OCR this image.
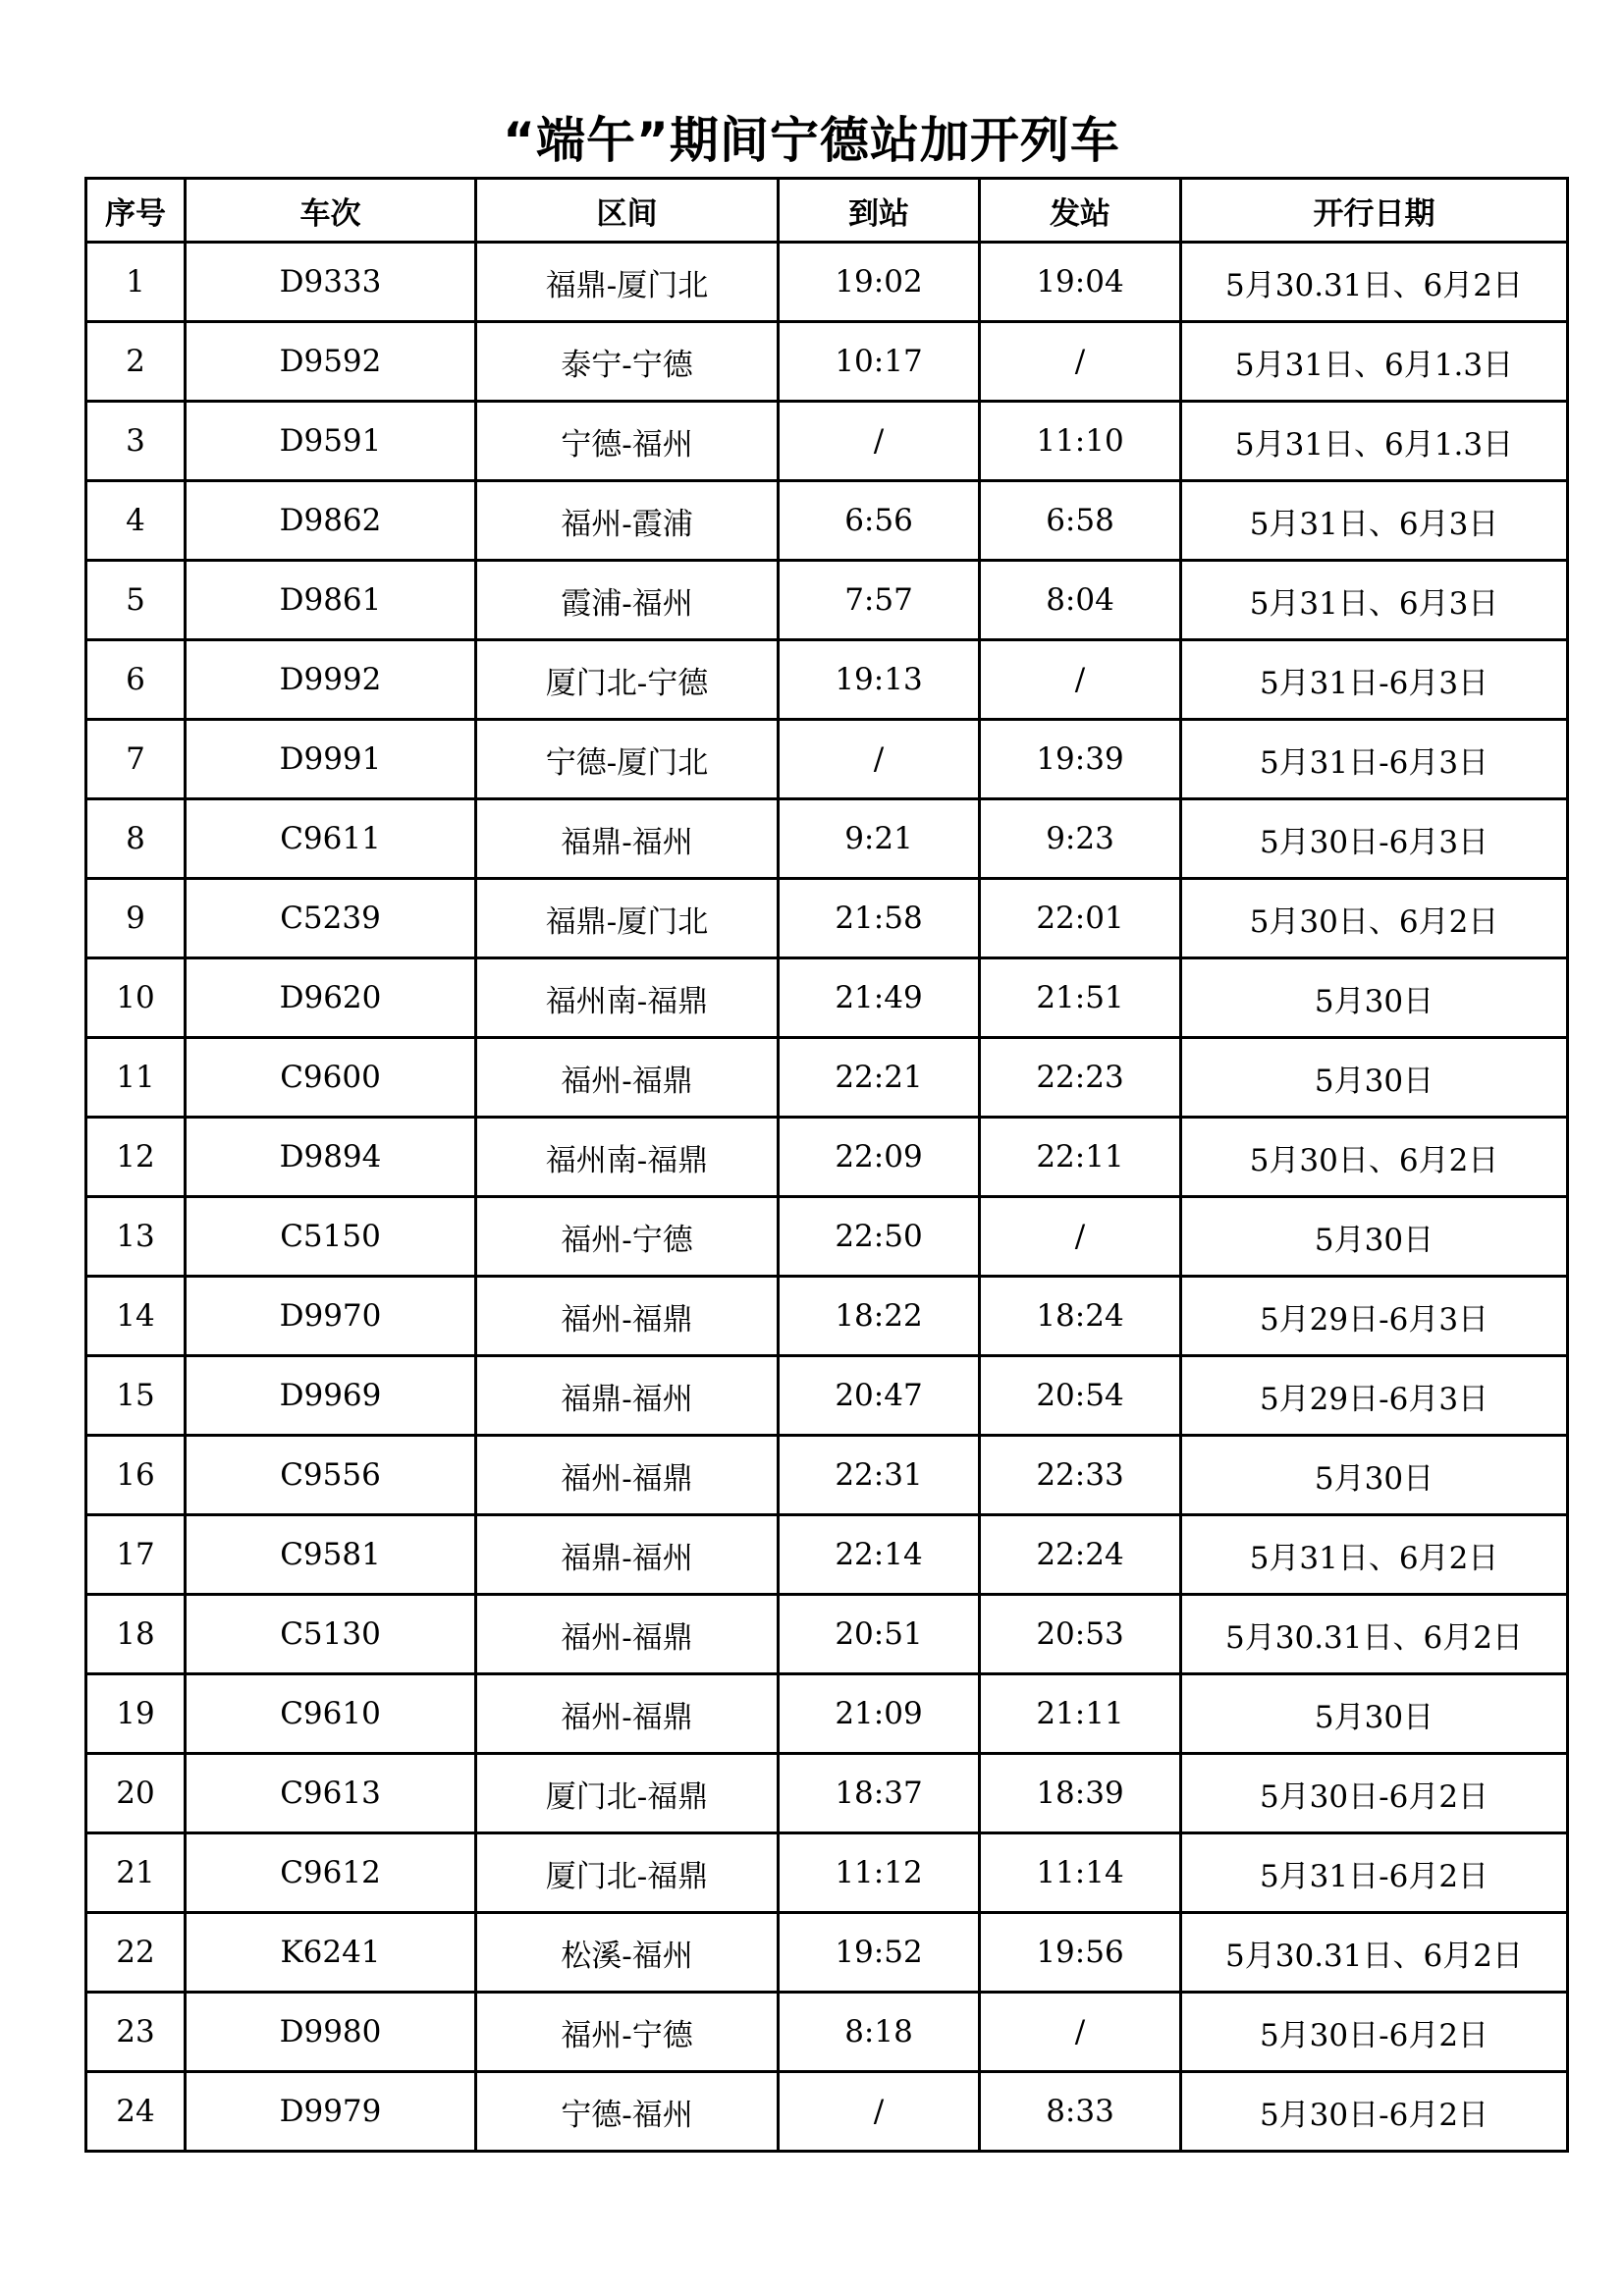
“端午”期间宁德站加开列车
序号	车次	区间	到站	发站	开行日期
1	D9333	福鼎-厦门北	19:02	19:04	5月30.31日、6月2日
2	D9592	泰宁-宁德	10:17	/	5月31日、6月1.3日
3	D9591	宁德-福州	/	11:10	5月31日、6月1.3日
4	D9862	福州-霞浦	6:56	6:58	5月31日、6月3日
5	D9861	霞浦-福州	7:57	8:04	5月31日、6月3日
6	D9992	厦门北-宁德	19:13	/	5月31日-6月3日
7	D9991	宁德-厦门北	/	19:39	5月31日-6月3日
8	C9611	福鼎-福州	9:21	9:23	5月30日-6月3日
9	C5239	福鼎-厦门北	21:58	22:01	5月30日、6月2日
10	D9620	福州南-福鼎	21:49	21:51	5月30日
11	C9600	福州-福鼎	22:21	22:23	5月30日
12	D9894	福州南-福鼎	22:09	22:11	5月30日、6月2日
13	C5150	福州-宁德	22:50	/	5月30日
14	D9970	福州-福鼎	18:22	18:24	5月29日-6月3日
15	D9969	福鼎-福州	20:47	20:54	5月29日-6月3日
16	C9556	福州-福鼎	22:31	22:33	5月30日
17	C9581	福鼎-福州	22:14	22:24	5月31日、6月2日
18	C5130	福州-福鼎	20:51	20:53	5月30.31日、6月2日
19	C9610	福州-福鼎	21:09	21:11	5月30日
20	C9613	厦门北-福鼎	18:37	18:39	5月30日-6月2日
21	C9612	厦门北-福鼎	11:12	11:14	5月31日-6月2日
22	K6241	松溪-福州	19:52	19:56	5月30.31日、6月2日
23	D9980	福州-宁德	8:18	/	5月30日-6月2日
24	D9979	宁德-福州	/	8:33	5月30日-6月2日
